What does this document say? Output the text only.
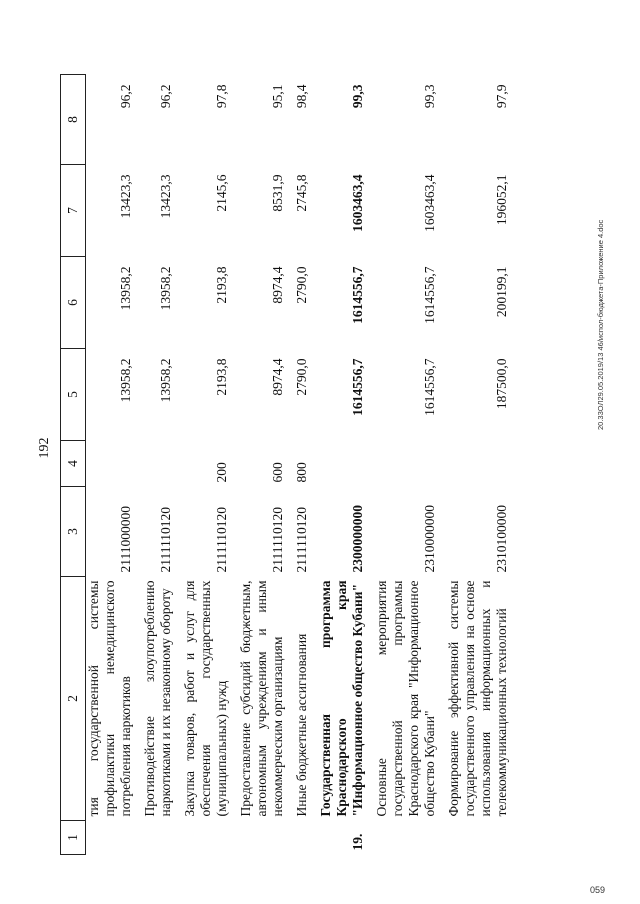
1	2	3	4	5	6	7	8
	тия государственной системы профилактики немедицинского потребления наркотиков	2111000000		13958,2	13958,2	13423,3	96,2
	Противодействие злоупотреблению наркотиками и их незаконному обороту	2111110120		13958,2	13958,2	13423,3	96,2
	Закупка товаров, работ и услуг для обеспечения государственных (муниципальных) нужд	2111110120	200	2193,8	2193,8	2145,6	97,8
	Предоставление субсидий бюджетным, автономным учреждениям и иным некоммерческим организациям	2111110120	600	8974,4	8974,4	8531,9	95,1
	Иные бюджетные ассигнования	2111110120	800	2790,0	2790,0	2745,8	98,4
19.	Государственная программа Краснодарского края "Информационное общество Кубани"	2300000000		1614556,7	1614556,7	1603463,4	99,3
	Основные мероприятия государственной программы Краснодарского края "Информационное общество Кубани"	2310000000		1614556,7	1614556,7	1603463,4	99,3
	Формирование эффективной системы государственного управления на основе использования информационных и телекоммуникационных технологий	2310100000		187500,0	200199,1	196052,1	97,9
192
20.33ОЛ29.05.2019/13 46/испол-бюджета-Приложение 4.doc
059
